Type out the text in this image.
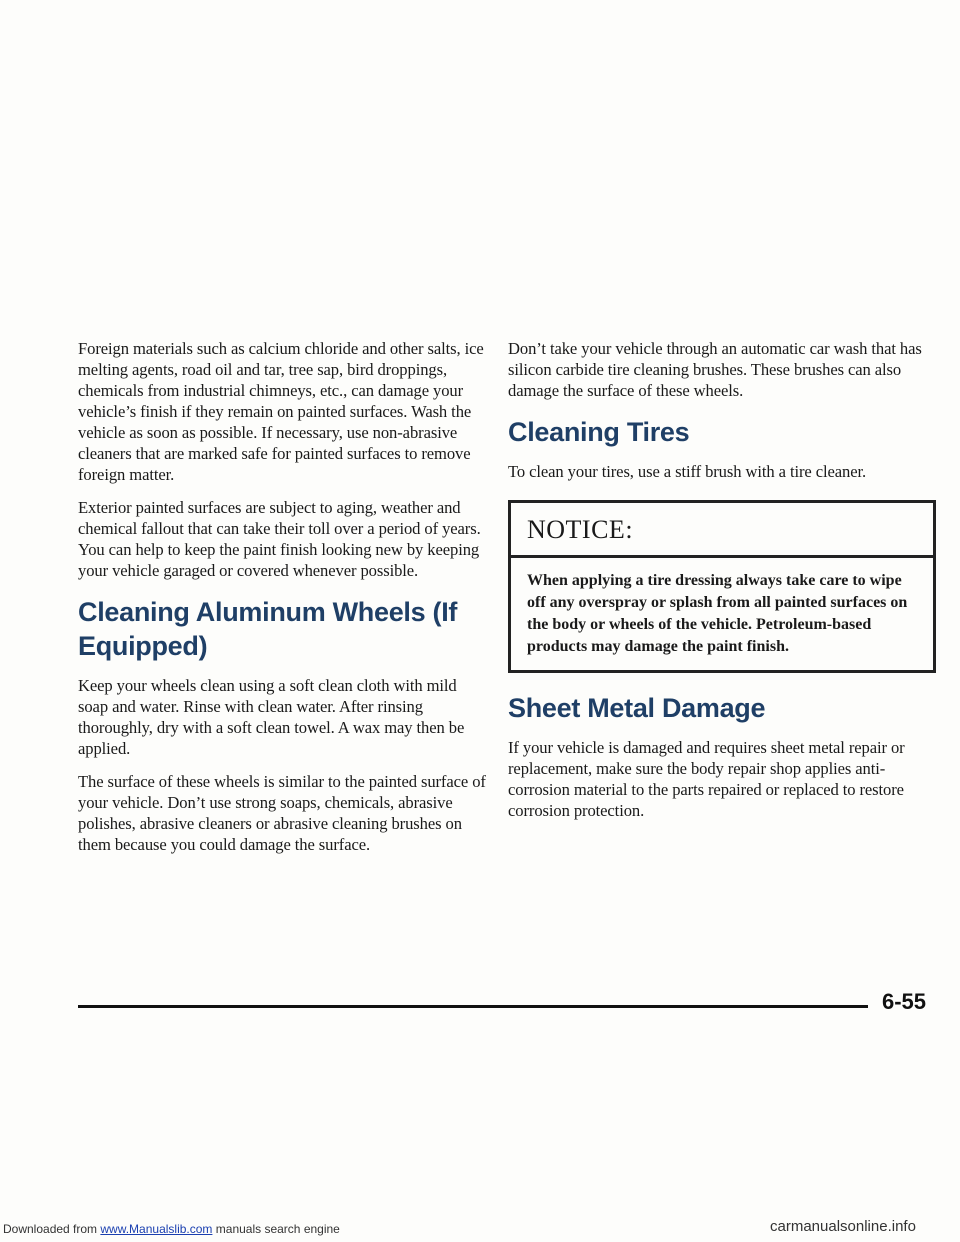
Foreign materials such as calcium chloride and other salts, ice melting agents, road oil and tar, tree sap, bird droppings, chemicals from industrial chimneys, etc., can damage your vehicle’s finish if they remain on painted surfaces. Wash the vehicle as soon as possible. If necessary, use non-abrasive cleaners that are marked safe for painted surfaces to remove foreign matter.

Exterior painted surfaces are subject to aging, weather and chemical fallout that can take their toll over a period of years. You can help to keep the paint finish looking new by keeping your vehicle garaged or covered whenever possible.

Cleaning Aluminum Wheels (If Equipped)

Keep your wheels clean using a soft clean cloth with mild soap and water. Rinse with clean water. After rinsing thoroughly, dry with a soft clean towel. A wax may then be applied.

The surface of these wheels is similar to the painted surface of your vehicle. Don’t use strong soaps, chemicals, abrasive polishes, abrasive cleaners or abrasive cleaning brushes on them because you could damage the surface.

Don’t take your vehicle through an automatic car wash that has silicon carbide tire cleaning brushes. These brushes can also damage the surface of these wheels.

Cleaning Tires

To clean your tires, use a stiff brush with a tire cleaner.

NOTICE:
When applying a tire dressing always take care to wipe off any overspray or splash from all painted surfaces on the body or wheels of the vehicle. Petroleum-based products may damage the paint finish.
Sheet Metal Damage

If your vehicle is damaged and requires sheet metal repair or replacement, make sure the body repair shop applies anti-corrosion material to the parts repaired or replaced to restore corrosion protection.

6-55
Downloaded from www.Manualslib.com manuals search engine	carmanualsonline.info
